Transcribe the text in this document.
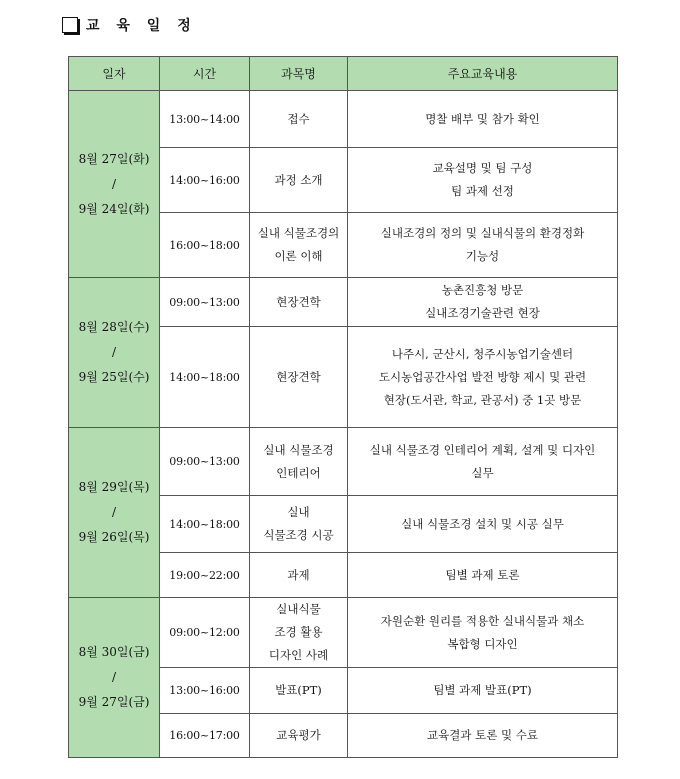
교 육 일 정
일자	시간	과목명	주요교육내용

8월 27일(화)
/
9월 24일(화)	13:00~14:00	접수	명찰 배부 및 참가 확인

	14:00~16:00	과정 소개	교육설명 및 팀 구성
팀 과제 선정

	16:00~18:00	실내 식물조경의
이론 이해	실내조경의 정의 및 실내식물의 환경정화
기능성

8월 28일(수)
/
9월 25일(수)	09:00~13:00	현장견학	농촌진흥청 방문
실내조경기술관련 현장

	14:00~18:00	현장견학	나주시, 군산시, 청주시농업기술센터
도시농업공간사업 발전 방향 제시 및 관련
현장(도서관, 학교, 관공서) 중 1곳 방문

8월 29일(목)
/
9월 26일(목)	09:00~13:00	실내 식물조경
인테리어	실내 식물조경 인테리어 계획, 설계 및 디자인
실무

	14:00~18:00	실내
식물조경 시공	실내 식물조경 설치 및 시공 실무

	19:00~22:00	과제	팀별 과제 토론

8월 30일(금)
/
9월 27일(금)	09:00~12:00	실내식물
조경 활용
디자인 사례	자원순환 원리를 적용한 실내식물과 채소
복합형 디자인

	13:00~16:00	발표(PT)	팀별 과제 발표(PT)

	16:00~17:00	교육평가	교육결과 토론 및 수료
